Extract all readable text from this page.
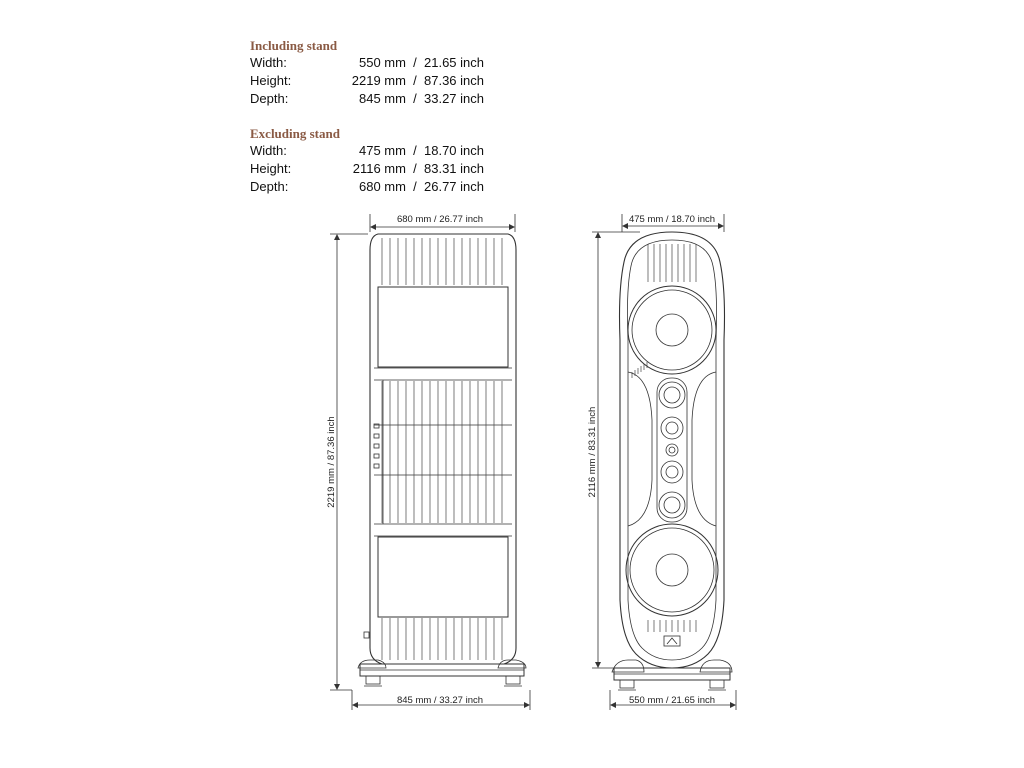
Including stand
Width:	550 mm  /  21.65 inch
Height:	2219 mm  /  87.36 inch
Depth:	845 mm  /  33.27 inch
Excluding stand
Width:	475 mm  /  18.70 inch
Height:	2116 mm  /  83.31 inch
Depth:	680 mm  /  26.77 inch
680 mm / 26.77 inch
2219 mm / 87.36 inch
845 mm / 33.27 inch
475 mm / 18.70 inch
2116 mm / 83.31 inch
550 mm / 21.65 inch
